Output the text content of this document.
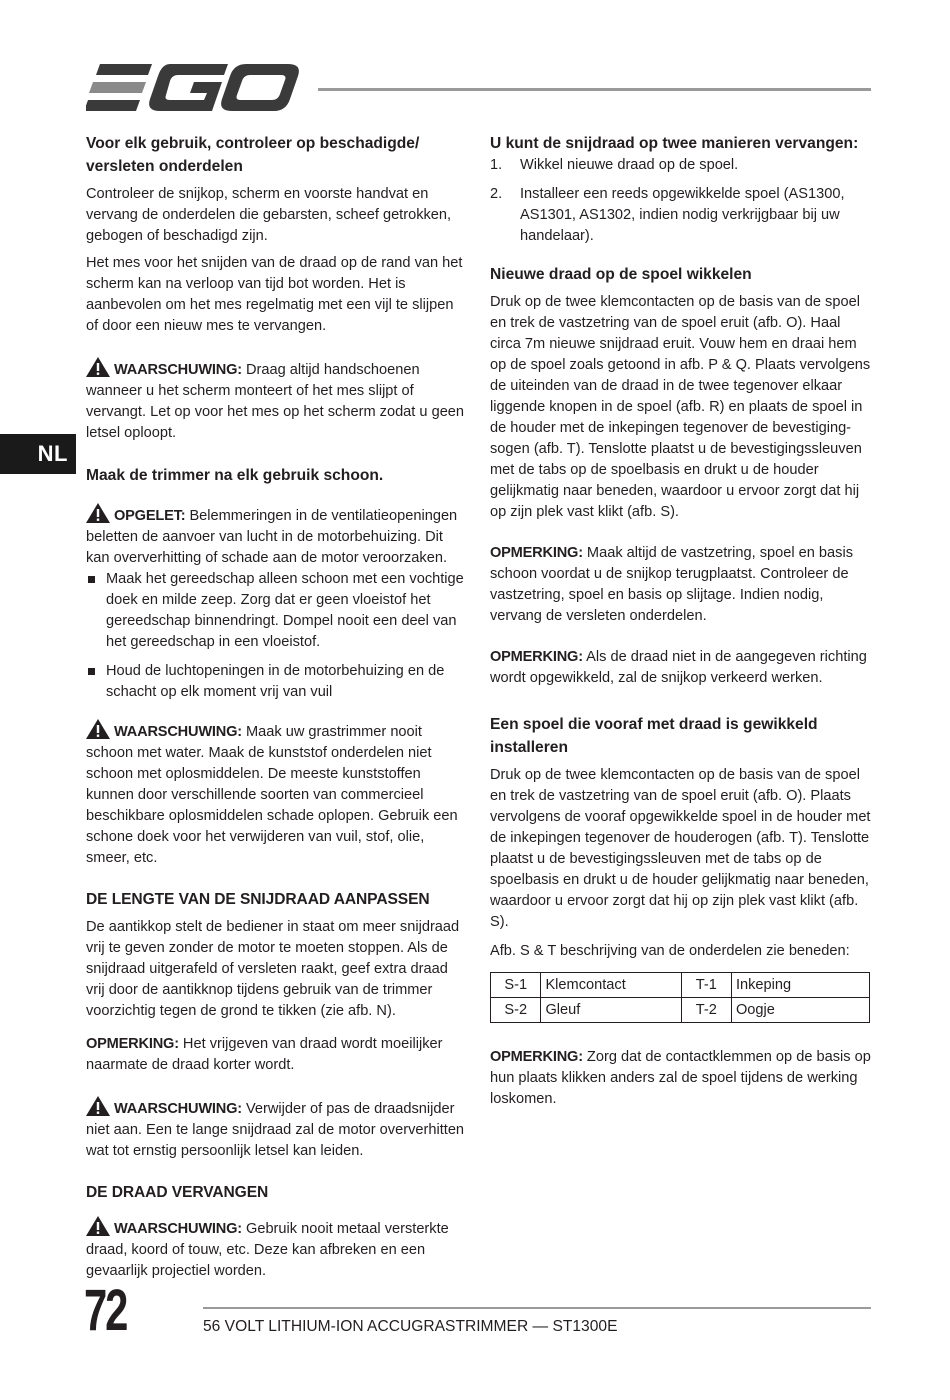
NL
Voor elk gebruik, controleer op beschadigde/ versleten onderdelen

Controleer de snijkop, scherm en voorste handvat en vervang de onderdelen die gebarsten, scheef getrokken, gebogen of beschadigd zijn.

Het mes voor het snijden van de draad op de rand van het scherm kan na verloop van tijd bot worden. Het is aanbevolen om het mes regelmatig met een vijl te slijpen of door een nieuw mes te vervangen.

WAARSCHUWING: Draag altijd handschoenen wanneer u het scherm monteert of het mes slijpt of vervangt. Let op voor het mes op het scherm zodat u geen letsel oploopt.

Maak de trimmer na elk gebruik schoon.

OPGELET: Belemmeringen in de ventilatieopeningen beletten de aanvoer van lucht in de motorbehuizing. Dit kan oververhitting of schade aan de motor veroorzaken.

Maak het gereedschap alleen schoon met een vochtige doek en milde zeep. Zorg dat er geen vloeistof het gereedschap binnendringt. Dompel nooit een deel van het gereedschap in een vloeistof.
Houd de luchtopeningen in de motorbehuizing en de schacht op elk moment vrij van vuil

WAARSCHUWING: Maak uw grastrimmer nooit schoon met water. Maak de kunststof onderdelen niet schoon met oplosmiddelen. De meeste kunststoffen kunnen door verschillende soorten van commercieel beschikbare oplosmiddelen schade oplopen. Gebruik een schone doek voor het verwijderen van vuil, stof, olie, smeer, etc.

DE LENGTE VAN DE SNIJDRAAD AANPASSEN

De aantikkop stelt de bediener in staat om meer snijdraad vrij te geven zonder de motor te moeten stoppen. Als de snijdraad uitgerafeld of versleten raakt, geef extra draad vrij door de aantikknop tijdens gebruik van de trimmer voorzichtig tegen de grond te tikken (zie afb. N).

OPMERKING: Het vrijgeven van draad wordt moeilijker naarmate de draad korter wordt.

WAARSCHUWING: Verwijder of pas de draadsnijder niet aan. Een te lange snijdraad zal de motor oververhitten wat tot ernstig persoonlijk letsel kan leiden.

DE DRAAD VERVANGEN

WAARSCHUWING: Gebruik nooit metaal versterkte draad, koord of touw, etc. Deze kan afbreken en een gevaarlijk projectiel worden.

U kunt de snijdraad op twee manieren vervangen:
1. Wikkel nieuwe draad op de spoel.
2. Installeer een reeds opgewikkelde spoel (AS1300, AS1301, AS1302, indien nodig verkrijgbaar bij uw handelaar).
Nieuwe draad op de spoel wikkelen

Druk op de twee klemcontacten op de basis van de spoel en trek de vastzetring van de spoel eruit (afb. O). Haal circa 7m nieuwe snijdraad eruit. Vouw hem en draai hem op de spoel zoals getoond in afb. P & Q. Plaats vervolgens de uiteinden van de draad in de twee tegenover elkaar liggende knopen in de spoel (afb. R) en plaats de spoel in de houder met de inkepingen tegenover de bevestiging-sogen (afb. T). Tenslotte plaatst u de bevestigingssleuven met de tabs op de spoelbasis en drukt u de houder gelijkmatig naar beneden, waardoor u ervoor zorgt dat hij op zijn plek vast klikt (afb. S).

OPMERKING: Maak altijd de vastzetring, spoel en basis schoon voordat u de snijkop terugplaatst. Controleer de vastzetring, spoel en basis op slijtage. Indien nodig, vervang de versleten onderdelen.

OPMERKING: Als de draad niet in de aangegeven richting wordt opgewikkeld, zal de snijkop verkeerd werken.

Een spoel die vooraf met draad is gewikkeld installeren

Druk op de twee klemcontacten op de basis van de spoel en trek de vastzetring van de spoel eruit (afb. O). Plaats vervolgens de vooraf opgewikkelde spoel in de houder met de inkepingen tegenover de houderogen (afb. T). Tenslotte plaatst u de bevestigingssleuven met de tabs op de spoelbasis en drukt u de houder gelijkmatig naar beneden, waardoor u ervoor zorgt dat hij op zijn plek vast klikt (afb. S).

Afb. S & T beschrijving van de onderdelen zie beneden:

S-1	Klemcontact	T-1	Inkeping
S-2	Gleuf	T-2	Oogje

OPMERKING: Zorg dat de contactklemmen op de basis op hun plaats klikken anders zal de spoel tijdens de werking loskomen.

72	56 VOLT LITHIUM-ION ACCUGRASTRIMMER — ST1300E
